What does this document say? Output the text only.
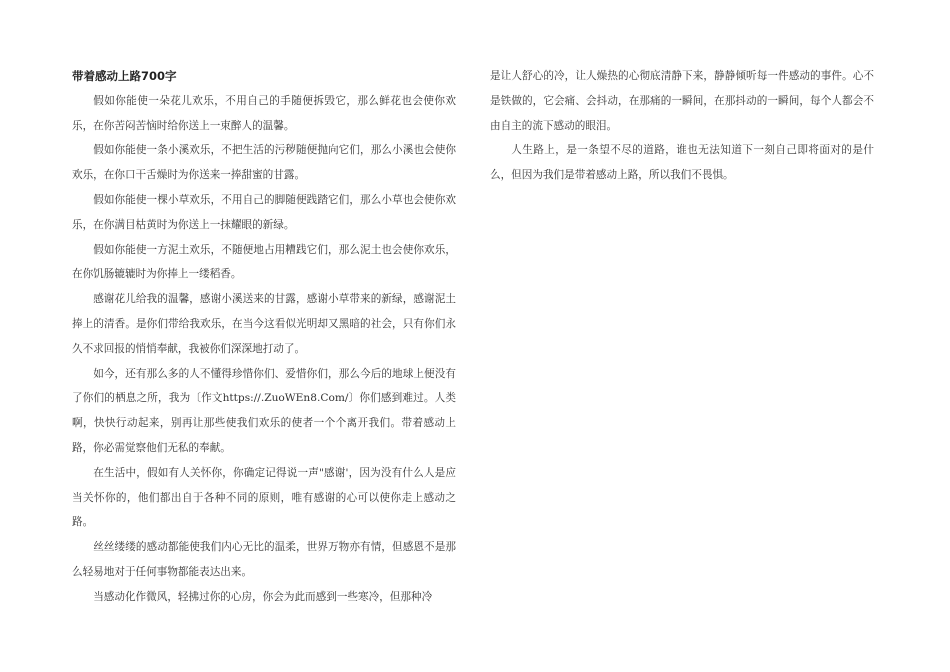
带着感动上路700字

假如你能使一朵花儿欢乐，不用自己的手随便拆毁它，那么鲜花也会使你欢乐，在你苦闷苦恼时给你送上一束醉人的温馨。

假如你能使一条小溪欢乐，不把生活的污秽随便抛向它们，那么小溪也会使你欢乐，在你口干舌燥时为你送来一捧甜蜜的甘露。

假如你能使一棵小草欢乐，不用自己的脚随便践踏它们，那么小草也会使你欢乐，在你满目枯黄时为你送上一抹耀眼的新绿。

假如你能使一方泥土欢乐，不随便地占用糟践它们，那么泥土也会使你欢乐，在你饥肠辘辘时为你捧上一缕稻香。

感谢花儿给我的温馨，感谢小溪送来的甘露，感谢小草带来的新绿，感谢泥土捧上的清香。是你们带给我欢乐，在当今这看似光明却又黑暗的社会，只有你们永久不求回报的悄悄奉献，我被你们深深地打动了。

如今，还有那么多的人不懂得珍惜你们、爱惜你们，那么今后的地球上便没有了你们的栖息之所，我为〔作文https://.ZuoWEn8.Com/〕你们感到难过。人类啊，快快行动起来，别再让那些使我们欢乐的使者一个个离开我们。带着感动上路，你必需觉察他们无私的奉献。

在生活中，假如有人关怀你，你确定记得说一声"感谢'，因为没有什么人是应当关怀你的，他们都出自于各种不同的原则，唯有感谢的心可以使你走上感动之路。

丝丝缕缕的感动都能使我们内心无比的温柔，世界万物亦有情，但感恩不是那么轻易地对于任何事物都能表达出来。

当感动化作微风，轻拂过你的心房，你会为此而感到一些寒冷，但那种冷

是让人舒心的冷，让人燥热的心彻底清静下来，静静倾听每一件感动的事件。心不是铁做的，它会痛、会抖动，在那痛的一瞬间，在那抖动的一瞬间，每个人都会不由自主的流下感动的眼泪。

人生路上，是一条望不尽的道路，谁也无法知道下一刻自己即将面对的是什么，但因为我们是带着感动上路，所以我们不畏惧。
